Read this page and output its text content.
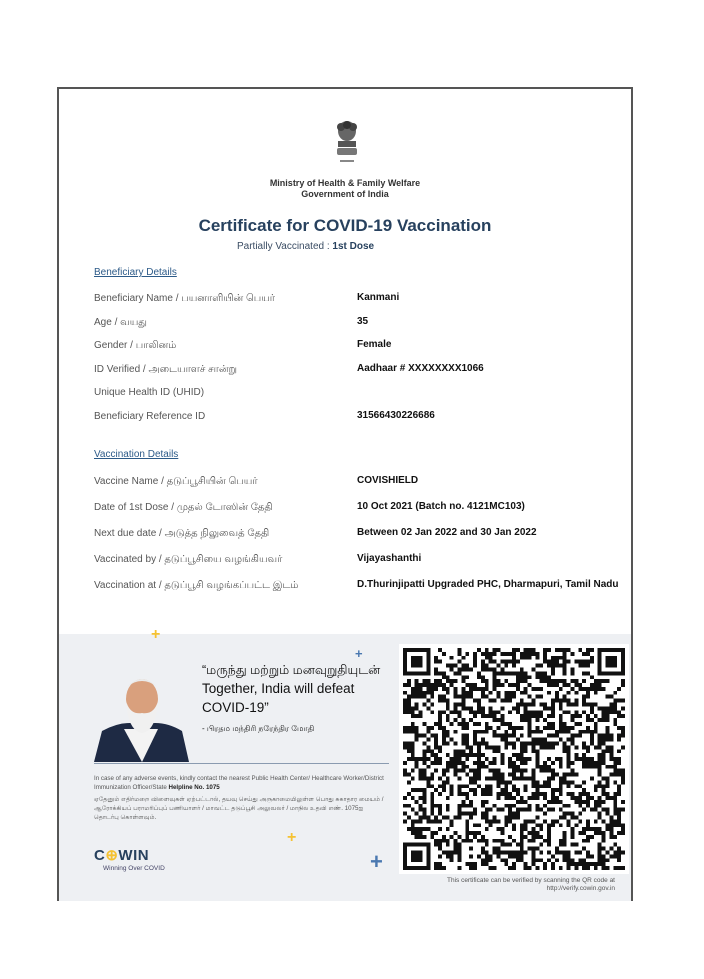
Ministry of Health & Family Welfare
Government of India
Certificate for COVID-19 Vaccination
Partially Vaccinated : 1st Dose
Beneficiary Details
Beneficiary Name / பயனாளியின் பெயர்	Kanmani
Age / வயது	35
Gender / பாலினம்	Female
ID Verified / அடையாளச் சான்று	Aadhaar # XXXXXXXX1066
Unique Health ID (UHID)
Beneficiary Reference ID	31566430226686
Vaccination Details
Vaccine Name / தடுப்பூசியின் பெயர்	COVISHIELD
Date of 1st Dose / முதல் டோஸின் தேதி	10 Oct 2021 (Batch no. 4121MC103)
Next due date / அடுத்த நிலுவைத் தேதி	Between 02 Jan 2022 and 30 Jan 2022
Vaccinated by / தடுப்பூசியை வழங்கியவர்	Vijayashanthi
Vaccination at / தடுப்பூசி வழங்கப்பட்ட இடம்	D.Thurinjipatti Upgraded PHC, Dharmapuri, Tamil Nadu
+
+
+
+
“மருந்து மற்றும் மனவுறுதியுடன்
Together, India will defeat COVID-19”
- பிரதம மந்திரி நரேந்திர மோதி
In case of any adverse events, kindly contact the nearest Public Health Center/ Healthcare Worker/District Immunization Officer/State Helpline No. 1075
ஏதேனும் எதிர்மறை விளைவுகள் ஏற்பட்டால், தயவு செய்து அருகாமையிலுள்ள பொது சுகாதார மையம் / ஆரோக்கியப் பராமரிப்புப் பணியாளர் / மாவட்ட தடுப்பூசி அலுவலர் / மாநில உதவி எண். 1075ஐ தொடர்பு கொள்ளவும்.
C⊕WIN
Winning Over COVID
This certificate can be verified by scanning the QR code at
http://verify.cowin.gov.in
